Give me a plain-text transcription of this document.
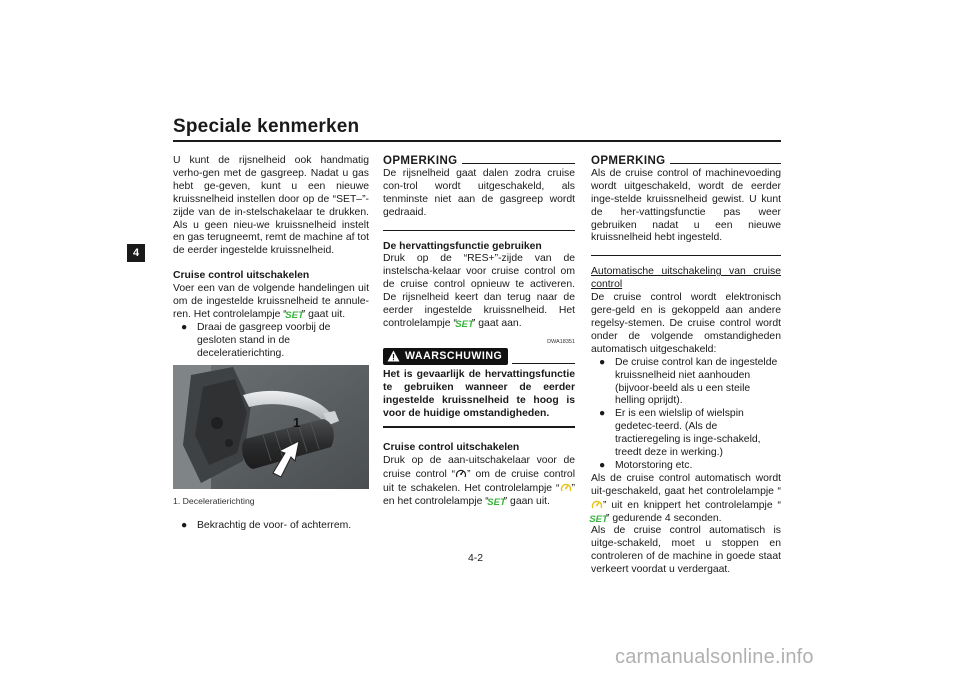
Speciale kenmerken
4

U kunt de rijsnelheid ook handmatig verho-gen met de gasgreep. Nadat u gas hebt ge-geven, kunt u een nieuwe kruissnelheid instellen door op de “SET–”-zijde van de in-stelschakelaar te drukken. Als u geen nieu-we kruissnelheid instelt en gas terugneemt, remt de machine af tot de eerder ingestelde kruissnelheid.

Cruise control uitschakelen

Voer een van de volgende handelingen uit om de ingestelde kruissnelheid te annule-ren. Het controlelampje “
SET
” gaat uit.

● Draai de gasgreep voorbij de gesloten stand in de deceleratierichting.
1
1. Deceleratierichting
● Bekrachtig de voor- of achterrem.
OPMERKING

De rijsnelheid gaat dalen zodra cruise con-trol wordt uitgeschakeld, als tenminste niet aan de gasgreep wordt gedraaid.

De hervattingsfunctie gebruiken

Druk op de “RES+”-zijde van de instelscha-kelaar voor cruise control om de cruise control opnieuw te activeren. De rijsnelheid keert dan terug naar de eerder ingestelde kruissnelheid. Het controlelampje “
SET
” gaat aan.

DWA18351
WAARSCHUWING

Het is gevaarlijk de hervattingsfunctie te gebruiken wanneer de eerder ingestelde kruissnelheid te hoog is voor de huidige omstandigheden.

Cruise control uitschakelen

Druk op de aan-uitschakelaar voor de cruise control “ ” om de cruise control uit te schakelen. Het controlelampje “ ” en het controlelampje “
SET
” gaan uit.

OPMERKING

Als de cruise control of machinevoeding wordt uitgeschakeld, wordt de eerder inge-stelde kruissnelheid gewist. U kunt de her-vattingsfunctie pas weer gebruiken nadat u een nieuwe kruissnelheid hebt ingesteld.

Automatische uitschakeling van cruise control

De cruise control wordt elektronisch gere-geld en is gekoppeld aan andere regelsy-stemen. De cruise control wordt onder de volgende omstandigheden automatisch uitgeschakeld:

● De cruise control kan de ingestelde kruissnelheid niet aanhouden (bijvoor-beeld als u een steile helling oprijdt).
● Er is een wielslip of wielspin gedetec-teerd. (Als de tractieregeling is inge-schakeld, treedt deze in werking.)
● Motorstoring etc.

Als de cruise control automatisch wordt uit-geschakeld, gaat het controlelampje “” uit en knippert het controlelampje “
SET
” gedurende 4 seconden.

Als de cruise control automatisch is uitge-schakeld, moet u stoppen en controleren of de machine in goede staat verkeert voordat u verdergaat.

4-2
carmanualsonline.info
